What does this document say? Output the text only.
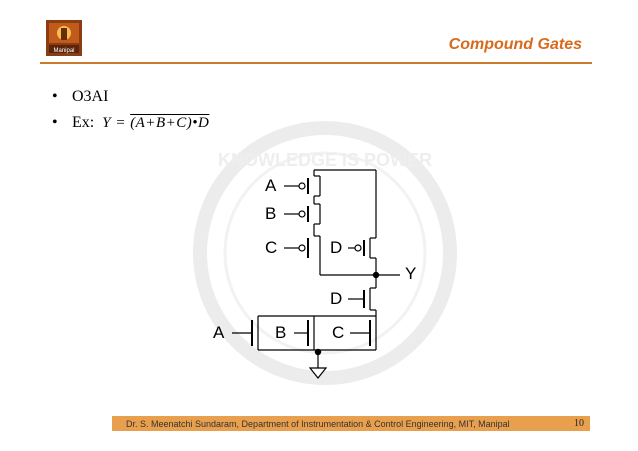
Manipal	Compound Gates
• O3AI
• Ex: Y = (A+B+C)•D
KNOWLEDGE IS POWER
A
B
C	D
Y
D
A	B	C
Dr. S. Meenatchi Sundaram, Department of Instrumentation & Control Engineering, MIT, Manipal	10
